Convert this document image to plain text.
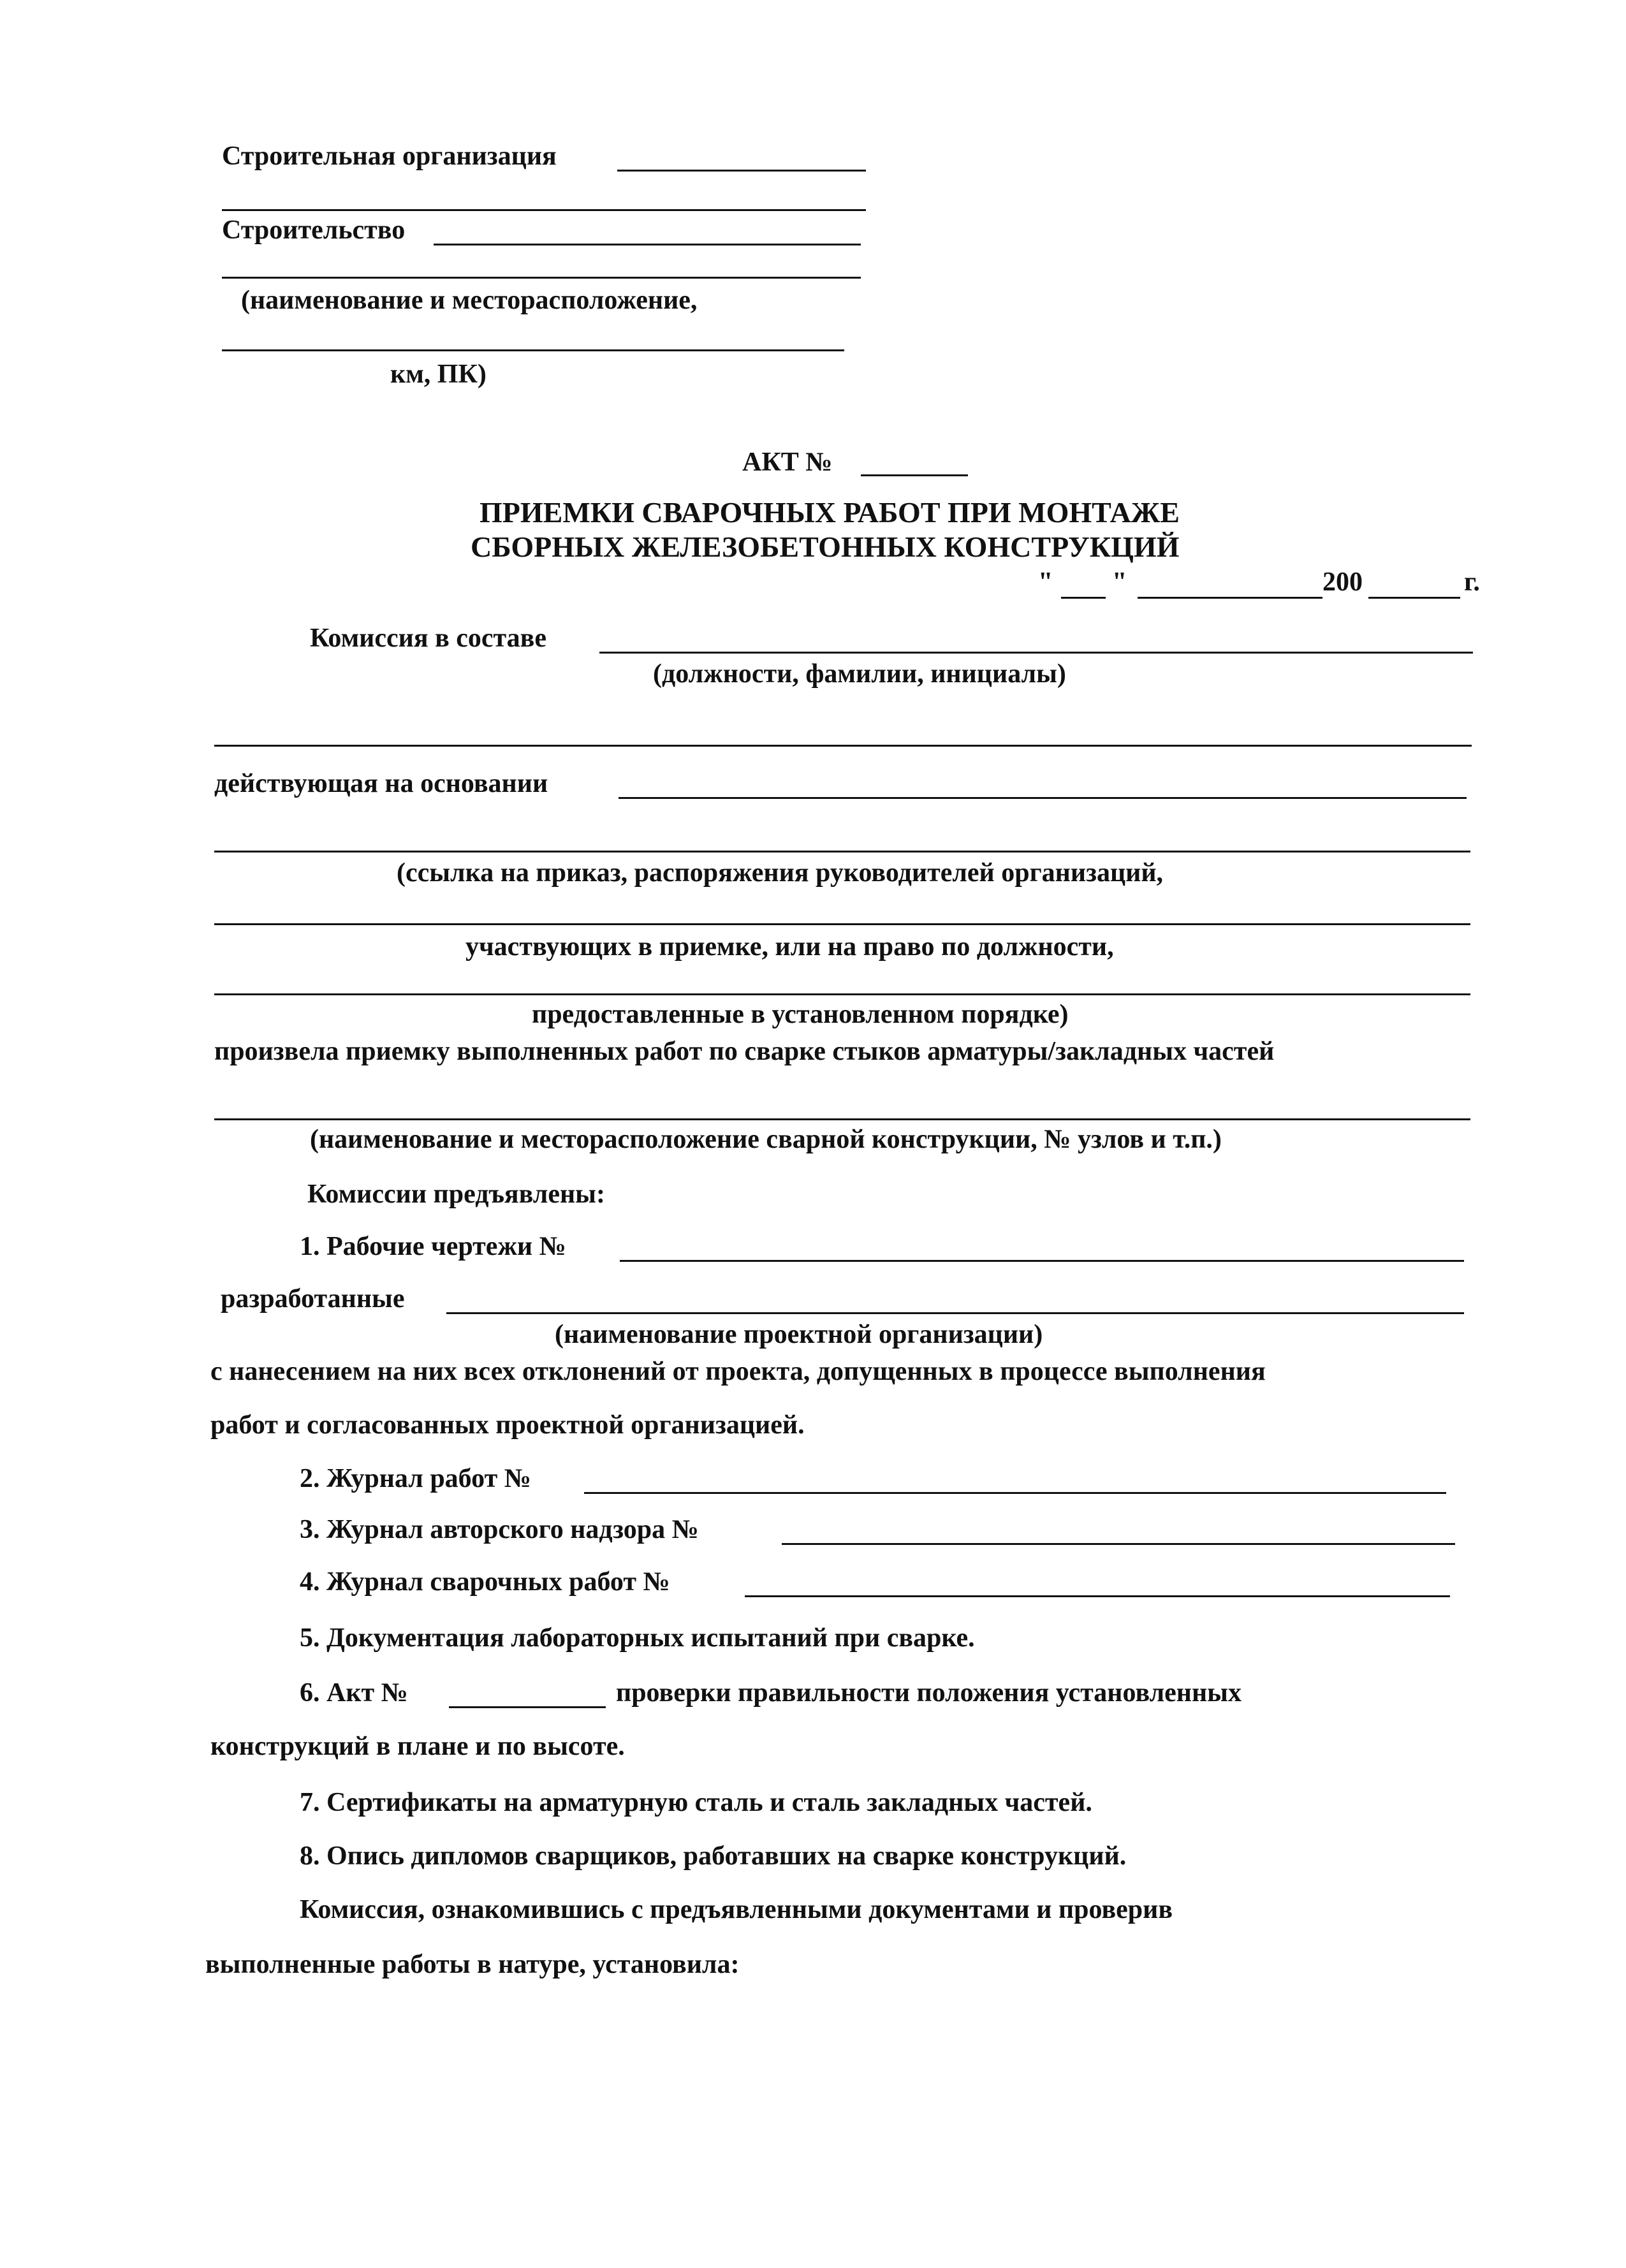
Строительная организация
Строительство
(наименование и месторасположение,
км, ПК)
АКТ №
ПРИЕМКИ СВАРОЧНЫХ РАБОТ ПРИ МОНТАЖЕ
СБОРНЫХ ЖЕЛЕЗОБЕТОННЫХ КОНСТРУКЦИЙ
" "	200	г.
Комиссия в составе
(должности, фамилии, инициалы)
действующая на основании
(ссылка на приказ, распоряжения руководителей организаций,
участвующих в приемке, или на право по должности,
предоставленные в установленном порядке)
произвела приемку выполненных работ по сварке стыков арматуры/закладных частей
(наименование и месторасположение сварной конструкции, № узлов и т.п.)
Комиссии предъявлены:
1. Рабочие чертежи №
разработанные
(наименование проектной организации)
с нанесением на них всех отклонений от проекта, допущенных в процессе выполнения
работ и согласованных проектной организацией.
2. Журнал работ №
3. Журнал авторского надзора №
4. Журнал сварочных работ №
5. Документация лабораторных испытаний при сварке.
6. Акт №	проверки правильности положения установленных
конструкций в плане и по высоте.
7. Сертификаты на арматурную сталь и сталь закладных частей.
8. Опись дипломов сварщиков, работавших на сварке конструкций.
Комиссия, ознакомившись с предъявленными документами и проверив
выполненные работы в натуре, установила:
